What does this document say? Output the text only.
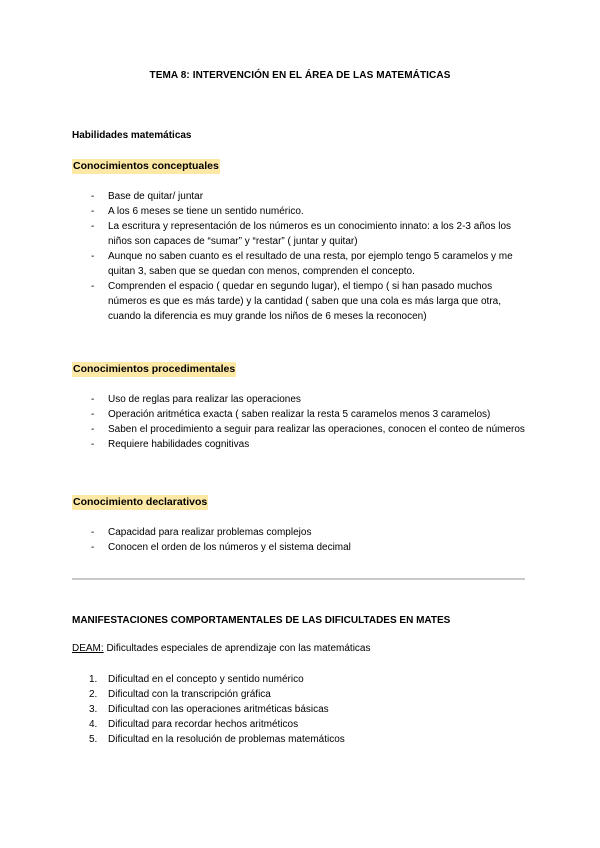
TEMA 8: INTERVENCIÓN EN EL ÁREA DE LAS MATEMÁTICAS
Habilidades matemáticas
Conocimientos conceptuales
- Base de quitar/ juntar
- A los 6 meses se tiene un sentido numérico.
- La escritura y representación de los números es un conocimiento innato: a los 2-3 años los niños son capaces de “sumar” y “restar” ( juntar y quitar)
- Aunque no saben cuanto es el resultado de una resta, por ejemplo tengo 5 caramelos y me quitan 3, saben que se quedan con menos, comprenden el concepto.
- Comprenden el espacio ( quedar en segundo lugar), el tiempo ( si han pasado muchos números es que es más tarde) y la cantidad ( saben que una cola es más larga que otra, cuando la diferencia es muy grande los niños de 6 meses la reconocen)
Conocimientos procedimentales
- Uso de reglas para realizar las operaciones
- Operación aritmética exacta ( saben realizar la resta 5 caramelos menos 3 caramelos)
- Saben el procedimiento a seguir para realizar las operaciones, conocen el conteo de números
- Requiere habilidades cognitivas
Conocimiento declarativos
- Capacidad para realizar problemas complejos
- Conocen el orden de los números y el sistema decimal
MANIFESTACIONES COMPORTAMENTALES DE LAS DIFICULTADES EN MATES
DEAM: Dificultades especiales de aprendizaje con las matemáticas
1. Dificultad en el concepto y sentido numérico
2. Dificultad con la transcripción gráfica
3. Dificultad con las operaciones aritméticas básicas
4. Dificultad para recordar hechos aritméticos
5. Dificultad en la resolución de problemas matemáticos
